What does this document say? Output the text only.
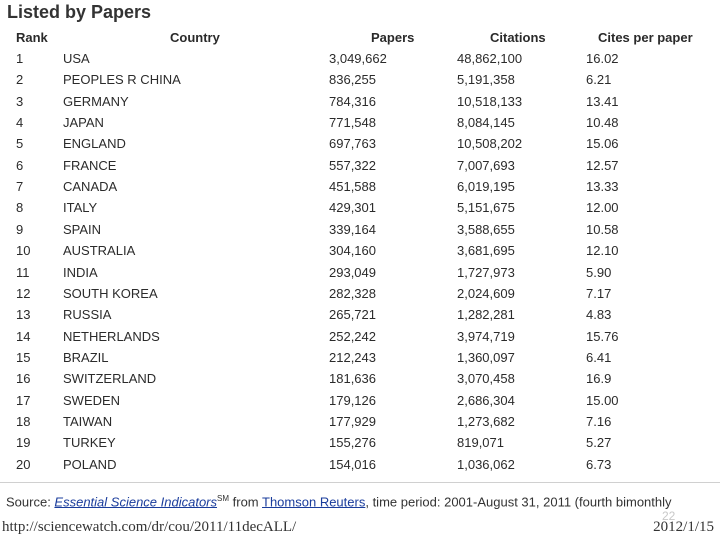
Listed by Papers
Rank	Country	Papers	Citations	Cites per paper
1	USA	3,049,662	48,862,100	16.02
2	PEOPLES R CHINA	836,255	5,191,358	6.21
3	GERMANY	784,316	10,518,133	13.41
4	JAPAN	771,548	8,084,145	10.48
5	ENGLAND	697,763	10,508,202	15.06
6	FRANCE	557,322	7,007,693	12.57
7	CANADA	451,588	6,019,195	13.33
8	ITALY	429,301	5,151,675	12.00
9	SPAIN	339,164	3,588,655	10.58
10	AUSTRALIA	304,160	3,681,695	12.10
11	INDIA	293,049	1,727,973	5.90
12	SOUTH KOREA	282,328	2,024,609	7.17
13	RUSSIA	265,721	1,282,281	4.83
14	NETHERLANDS	252,242	3,974,719	15.76
15	BRAZIL	212,243	1,360,097	6.41
16	SWITZERLAND	181,636	3,070,458	16.9
17	SWEDEN	179,126	2,686,304	15.00
18	TAIWAN	177,929	1,273,682	7.16
19	TURKEY	155,276	819,071	5.27
20	POLAND	154,016	1,036,062	6.73
Source: Essential Science Indicators℠ from Thomson Reuters, time period: 2001-August 31, 2011 (fourth bimonthly
http://sciencewatch.com/dr/cou/2011/11decALL/
22
2012/1/15
